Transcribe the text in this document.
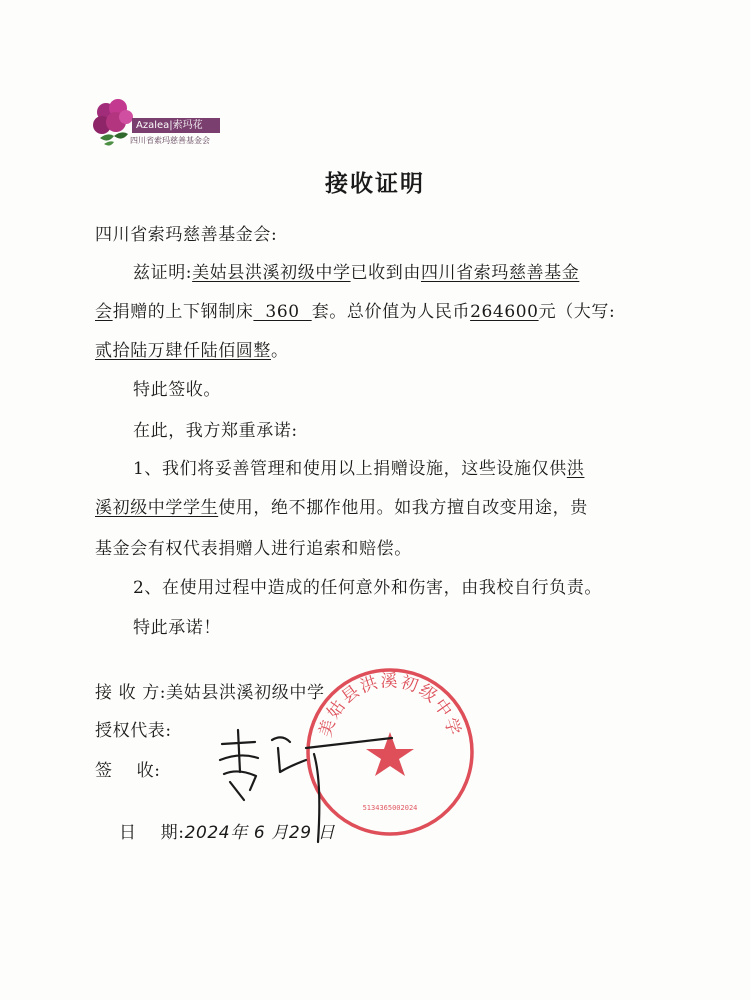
Azalea|索玛花
四川省索玛慈善基金会
接收证明
四川省索玛慈善基金会:
兹证明:美姑县洪溪初级中学已收到由四川省索玛慈善基金
会捐赠的上下钢制床  360  套。总价值为人民币264600元（大写:
贰拾陆万肆仟陆佰圆整。
特此签收。
在此，我方郑重承诺:
1、我们将妥善管理和使用以上捐赠设施，这些设施仅供洪
溪初级中学学生使用，绝不挪作他用。如我方擅自改变用途，贵
基金会有权代表捐赠人进行追索和赔偿。
2、在使用过程中造成的任何意外和伤害，由我校自行负责。
特此承诺！
接 收 方:美姑县洪溪初级中学
授权代表:
签    收:

日    期:2024年 6 月29 日

美姑县洪溪初级中学
5134365002024
